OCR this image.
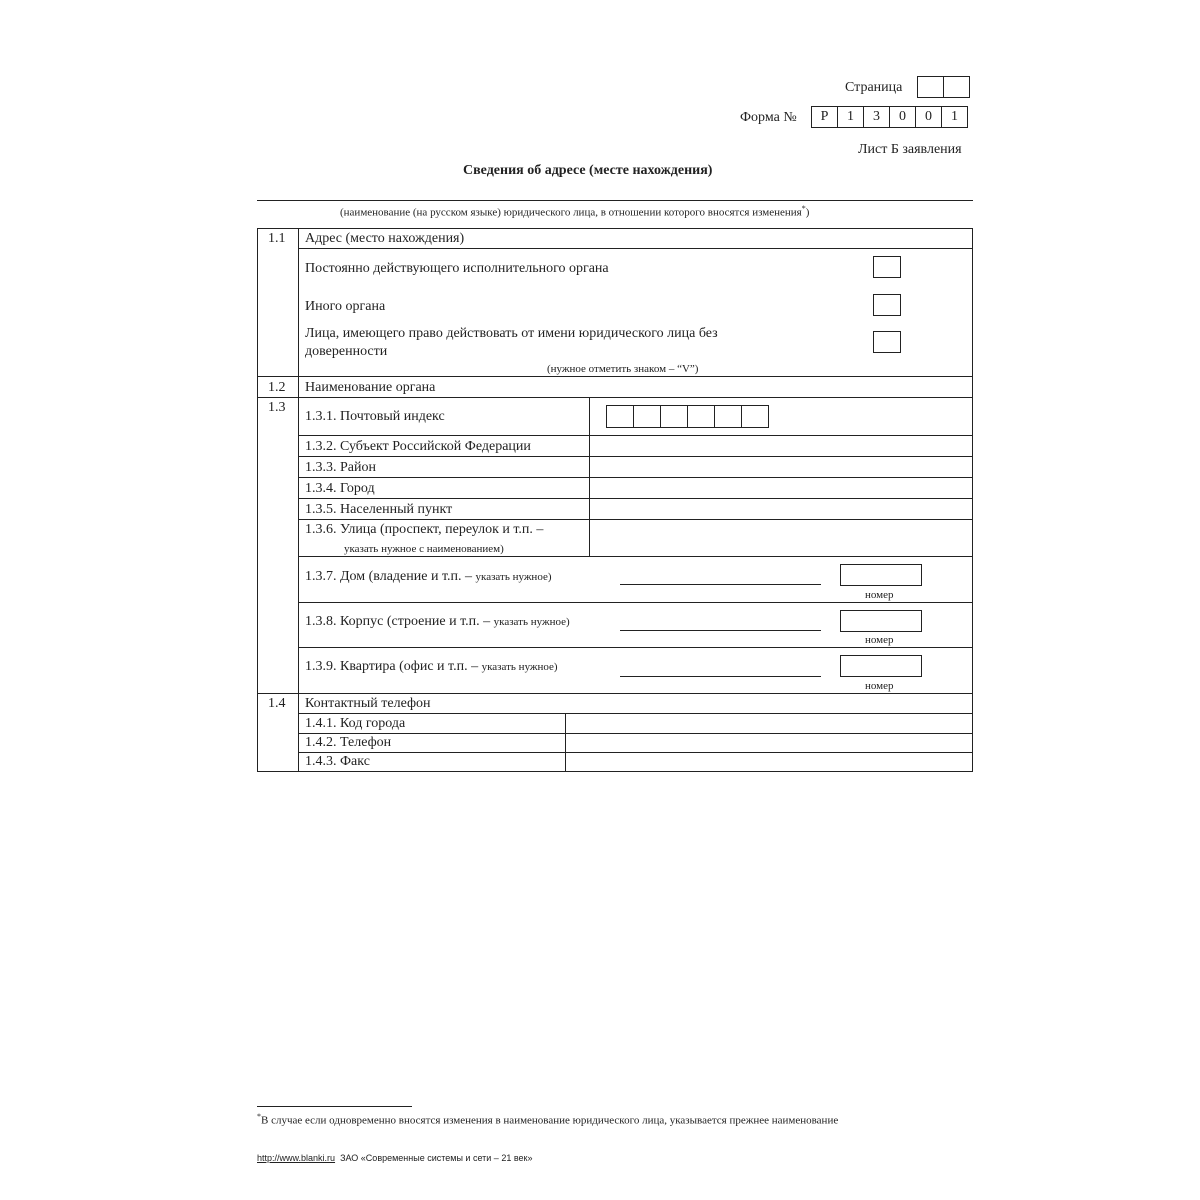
Страница
Форма №	Р	1	3	0	0	1
Лист Б заявления
Сведения об адресе (месте нахождения)
(наименование (на русском языке) юридического лица, в отношении которого вносятся изменения*)
1.1 Адрес (место нахождения)
Постоянно действующего исполнительного органа
Иного органа
Лица, имеющего право действовать от имени юридического лица без
доверенности
(нужное отметить знаком – “V”)
1.2 Наименование органа
1.3
1.3.1. Почтовый индекс
1.3.2. Субъект Российской Федерации
1.3.3. Район
1.3.4. Город
1.3.5. Населенный пункт
1.3.6. Улица (проспект, переулок и т.п. –
указать нужное с наименованием)
1.3.7. Дом (владение и т.п. – указать нужное)
номер
1.3.8. Корпус (строение и т.п. – указать нужное)
номер
1.3.9. Квартира (офис и т.п. – указать нужное)
номер
1.4 Контактный телефон
1.4.1. Код города
1.4.2. Телефон
1.4.3. Факс
*В случае если одновременно вносятся изменения в наименование юридического лица, указывается прежнее наименование
http://www.blanki.ru ЗАО «Современные системы и сети – 21 век»
